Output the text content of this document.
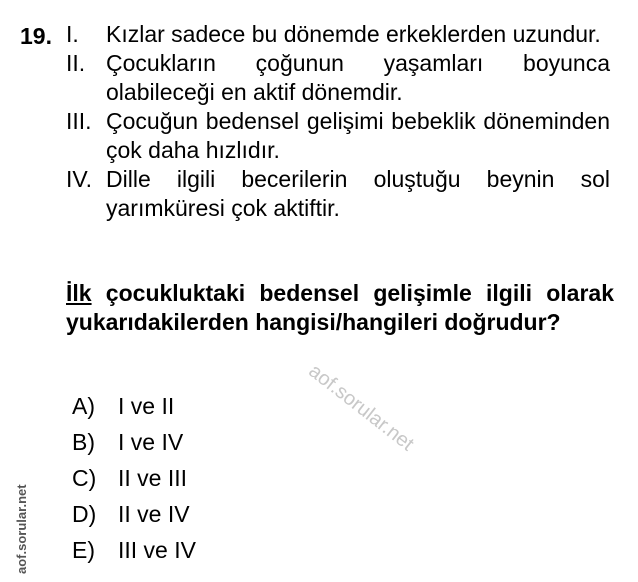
19. I.	Kızlar sadece bu dönemde erkeklerden uzundur.
II. Çocukların çoğunun yaşamları boyunca olabileceği en aktif dönemdir.
III. Çocuğun bedensel gelişimi bebeklik döneminden çok daha hızlıdır.
IV. Dille ilgili becerilerin oluştuğu beynin sol yarımküresi çok aktiftir.
İlk çocukluktaki bedensel gelişimle ilgili olarak yukarıdakilerden hangisi/hangileri doğrudur?
A)	I ve II
B)	I ve IV
C) II ve III
D) II ve IV
E)	III ve IV
aof.sorular.net
aof.sorular.net
